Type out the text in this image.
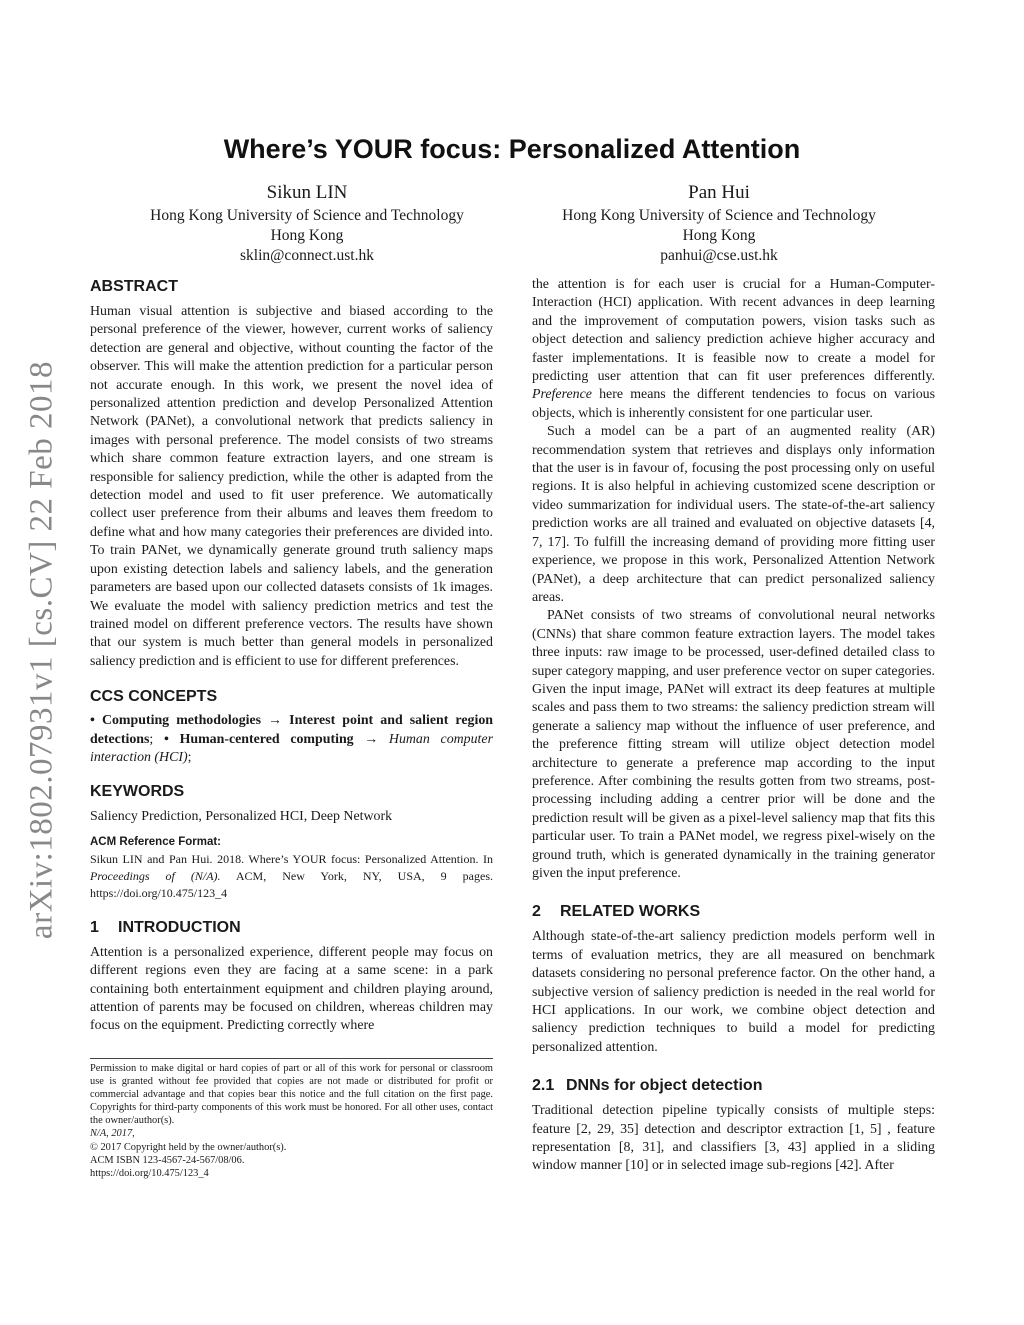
arXiv:1802.07931v1 [cs.CV] 22 Feb 2018
Where’s YOUR focus: Personalized Attention
Sikun LIN
Hong Kong University of Science and Technology
Hong Kong
sklin@connect.ust.hk
Pan Hui
Hong Kong University of Science and Technology
Hong Kong
panhui@cse.ust.hk
ABSTRACT

Human visual attention is subjective and biased according to the personal preference of the viewer, however, current works of saliency detection are general and objective, without counting the factor of the observer. This will make the attention prediction for a particular person not accurate enough. In this work, we present the novel idea of personalized attention prediction and develop Personalized Attention Network (PANet), a convolutional network that predicts saliency in images with personal preference. The model consists of two streams which share common feature extraction layers, and one stream is responsible for saliency prediction, while the other is adapted from the detection model and used to fit user preference. We automatically collect user preference from their albums and leaves them freedom to define what and how many categories their preferences are divided into. To train PANet, we dynamically generate ground truth saliency maps upon existing detection labels and saliency labels, and the generation parameters are based upon our collected datasets consists of 1k images. We evaluate the model with saliency prediction metrics and test the trained model on different preference vectors. The results have shown that our system is much better than general models in personalized saliency prediction and is efficient to use for different preferences.

CCS CONCEPTS

• Computing methodologies → Interest point and salient region detections; • Human-centered computing → Human computer interaction (HCI);

KEYWORDS

Saliency Prediction, Personalized HCI, Deep Network

ACM Reference Format:

Sikun LIN and Pan Hui. 2018. Where’s YOUR focus: Personalized Attention. In Proceedings of (N/A). ACM, New York, NY, USA, 9 pages. https://doi.org/10.475/123_4

1	INTRODUCTION

Attention is a personalized experience, different people may focus on different regions even they are facing at a same scene: in a park containing both entertainment equipment and children playing around, attention of parents may be focused on children, whereas children may focus on the equipment. Predicting correctly where

Permission to make digital or hard copies of part or all of this work for personal or classroom use is granted without fee provided that copies are not made or distributed for profit or commercial advantage and that copies bear this notice and the full citation on the first page. Copyrights for third-party components of this work must be honored. For all other uses, contact the owner/author(s).

N/A, 2017,

© 2017 Copyright held by the owner/author(s).

ACM ISBN 123-4567-24-567/08/06.

https://doi.org/10.475/123_4

the attention is for each user is crucial for a Human-Computer-Interaction (HCI) application. With recent advances in deep learning and the improvement of computation powers, vision tasks such as object detection and saliency prediction achieve higher accuracy and faster implementations. It is feasible now to create a model for predicting user attention that can fit user preferences differently. Preference here means the different tendencies to focus on various objects, which is inherently consistent for one particular user.

Such a model can be a part of an augmented reality (AR) recommendation system that retrieves and displays only information that the user is in favour of, focusing the post processing only on useful regions. It is also helpful in achieving customized scene description or video summarization for individual users. The state-of-the-art saliency prediction works are all trained and evaluated on objective datasets [4, 7, 17]. To fulfill the increasing demand of providing more fitting user experience, we propose in this work, Personalized Attention Network (PANet), a deep architecture that can predict personalized saliency areas.

PANet consists of two streams of convolutional neural networks (CNNs) that share common feature extraction layers. The model takes three inputs: raw image to be processed, user-defined detailed class to super category mapping, and user preference vector on super categories. Given the input image, PANet will extract its deep features at multiple scales and pass them to two streams: the saliency prediction stream will generate a saliency map without the influence of user preference, and the preference fitting stream will utilize object detection model architecture to generate a preference map according to the input preference. After combining the results gotten from two streams, post-processing including adding a centrer prior will be done and the prediction result will be given as a pixel-level saliency map that fits this particular user. To train a PANet model, we regress pixel-wisely on the ground truth, which is generated dynamically in the training generator given the input preference.

2	RELATED WORKS

Although state-of-the-art saliency prediction models perform well in terms of evaluation metrics, they are all measured on benchmark datasets considering no personal preference factor. On the other hand, a subjective version of saliency prediction is needed in the real world for HCI applications. In our work, we combine object detection and saliency prediction techniques to build a model for predicting personalized attention.

2.1 DNNs for object detection

Traditional detection pipeline typically consists of multiple steps: feature [2, 29, 35] detection and descriptor extraction [1, 5] , feature representation [8, 31], and classifiers [3, 43] applied in a sliding window manner [10] or in selected image sub-regions [42]. After
